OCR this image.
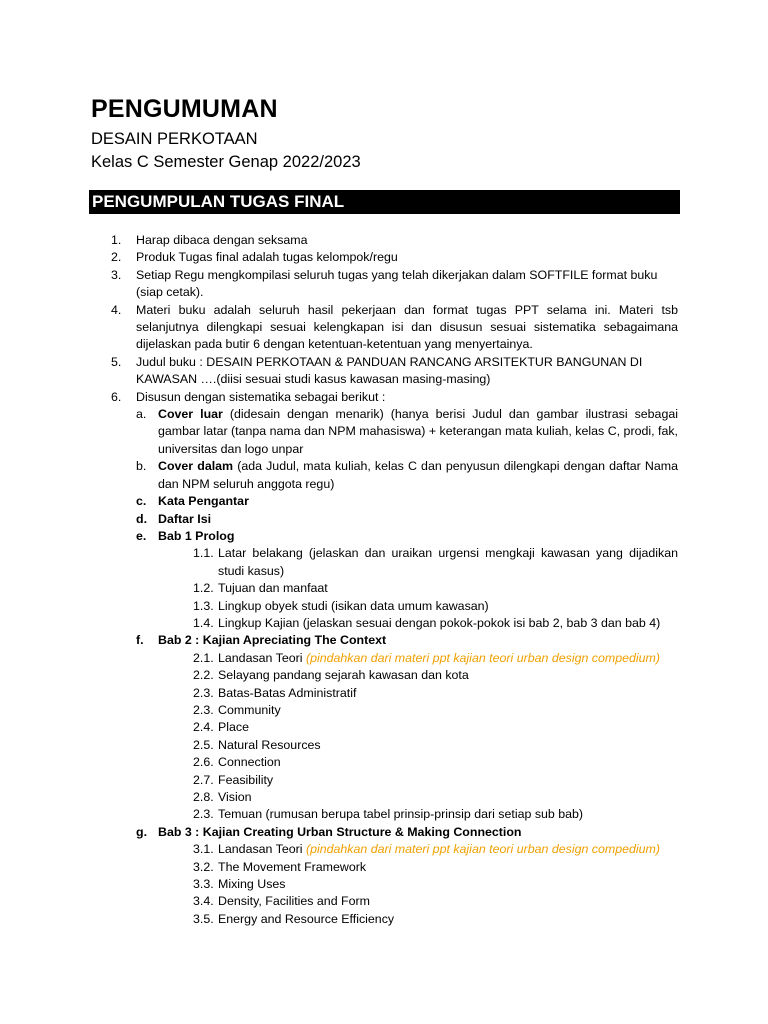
PENGUMUMAN
DESAIN PERKOTAAN
Kelas C Semester Genap 2022/2023
PENGUMPULAN TUGAS FINAL
1. Harap dibaca dengan seksama
2. Produk Tugas final adalah tugas kelompok/regu
3. Setiap Regu mengkompilasi seluruh tugas yang telah dikerjakan dalam SOFTFILE format buku (siap cetak).
4. Materi buku adalah seluruh hasil pekerjaan dan format tugas PPT selama ini. Materi tsb selanjutnya dilengkapi sesuai kelengkapan isi dan disusun sesuai sistematika sebagaimana dijelaskan pada butir 6 dengan ketentuan-ketentuan yang menyertainya.
5. Judul buku : DESAIN PERKOTAAN & PANDUAN RANCANG ARSITEKTUR BANGUNAN DI KAWASAN ….(diisi sesuai studi kasus kawasan masing-masing)
6. Disusun dengan sistematika sebagai berikut :
a. Cover luar (didesain dengan menarik) (hanya berisi Judul dan gambar ilustrasi sebagai gambar latar (tanpa nama dan NPM mahasiswa) + keterangan mata kuliah, kelas C, prodi, fak, universitas dan logo unpar
b. Cover dalam (ada Judul, mata kuliah, kelas C dan penyusun dilengkapi dengan daftar Nama dan NPM seluruh anggota regu)
c. Kata Pengantar
d. Daftar Isi
e. Bab 1 Prolog
1.1. Latar belakang (jelaskan dan uraikan urgensi mengkaji kawasan yang dijadikan studi kasus)
1.2. Tujuan dan manfaat
1.3. Lingkup obyek studi (isikan data umum kawasan)
1.4. Lingkup Kajian (jelaskan sesuai dengan pokok-pokok isi bab 2, bab 3 dan bab 4)
f. Bab 2 : Kajian Apreciating The Context
2.1. Landasan Teori (pindahkan dari materi ppt kajian teori urban design compedium)
2.2. Selayang pandang sejarah kawasan dan kota
2.3. Batas-Batas Administratif
2.3. Community
2.4. Place
2.5. Natural Resources
2.6. Connection
2.7. Feasibility
2.8. Vision
2.3. Temuan (rumusan berupa tabel prinsip-prinsip dari setiap sub bab)
g. Bab 3 : Kajian Creating Urban Structure & Making Connection
3.1. Landasan Teori (pindahkan dari materi ppt kajian teori urban design compedium)
3.2. The Movement Framework
3.3. Mixing Uses
3.4. Density, Facilities and Form
3.5. Energy and Resource Efficiency
